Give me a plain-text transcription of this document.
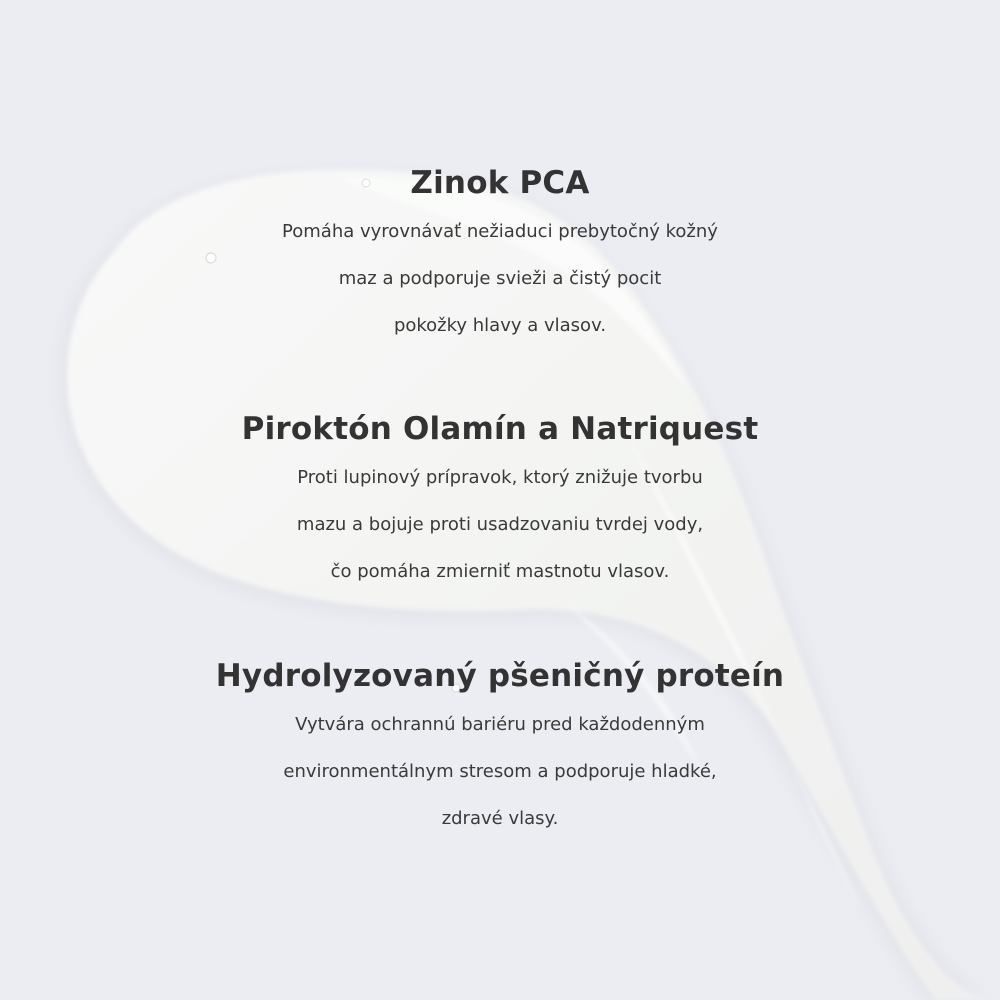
Zinok PCA

Pomáha vyrovnávať nežiaduci prebytočný kožný
maz a podporuje svieži a čistý pocit
pokožky hlavy a vlasov.

Piroktón Olamín a Natriquest

Proti lupinový prípravok, ktorý znižuje tvorbu
mazu a bojuje proti usadzovaniu tvrdej vody,
čo pomáha zmierniť mastnotu vlasov.

Hydrolyzovaný pšeničný proteín

Vytvára ochrannú bariéru pred každodenným
environmentálnym stresom a podporuje hladké,
zdravé vlasy.
